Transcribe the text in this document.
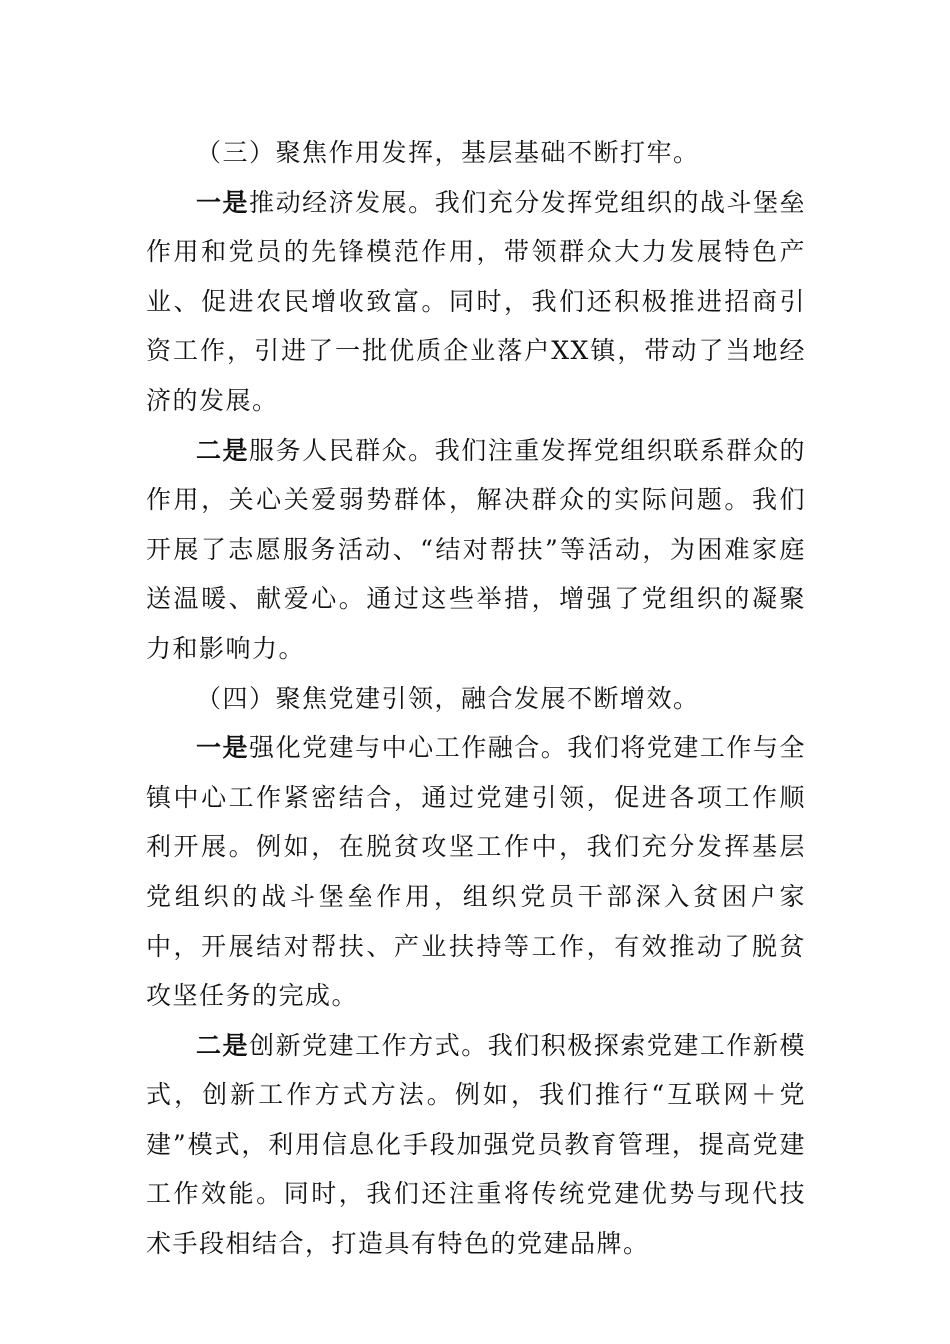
（三）聚焦作用发挥，基层基础不断打牢。

一是推动经济发展。我们充分发挥党组织的战斗堡垒作用和党员的先锋模范作用，带领群众大力发展特色产业、促进农民增收致富。同时，我们还积极推进招商引资工作，引进了一批优质企业落户XX镇，带动了当地经济的发展。

二是服务人民群众。我们注重发挥党组织联系群众的作用，关心关爱弱势群体，解决群众的实际问题。我们开展了志愿服务活动、“结对帮扶”等活动，为困难家庭送温暖、献爱心。通过这些举措，增强了党组织的凝聚力和影响力。

（四）聚焦党建引领，融合发展不断增效。

一是强化党建与中心工作融合。我们将党建工作与全镇中心工作紧密结合，通过党建引领，促进各项工作顺利开展。例如，在脱贫攻坚工作中，我们充分发挥基层党组织的战斗堡垒作用，组织党员干部深入贫困户家中，开展结对帮扶、产业扶持等工作，有效推动了脱贫攻坚任务的完成。

二是创新党建工作方式。我们积极探索党建工作新模式，创新工作方式方法。例如，我们推行“互联网＋党建”模式，利用信息化手段加强党员教育管理，提高党建工作效能。同时，我们还注重将传统党建优势与现代技术手段相结合，打造具有特色的党建品牌。
